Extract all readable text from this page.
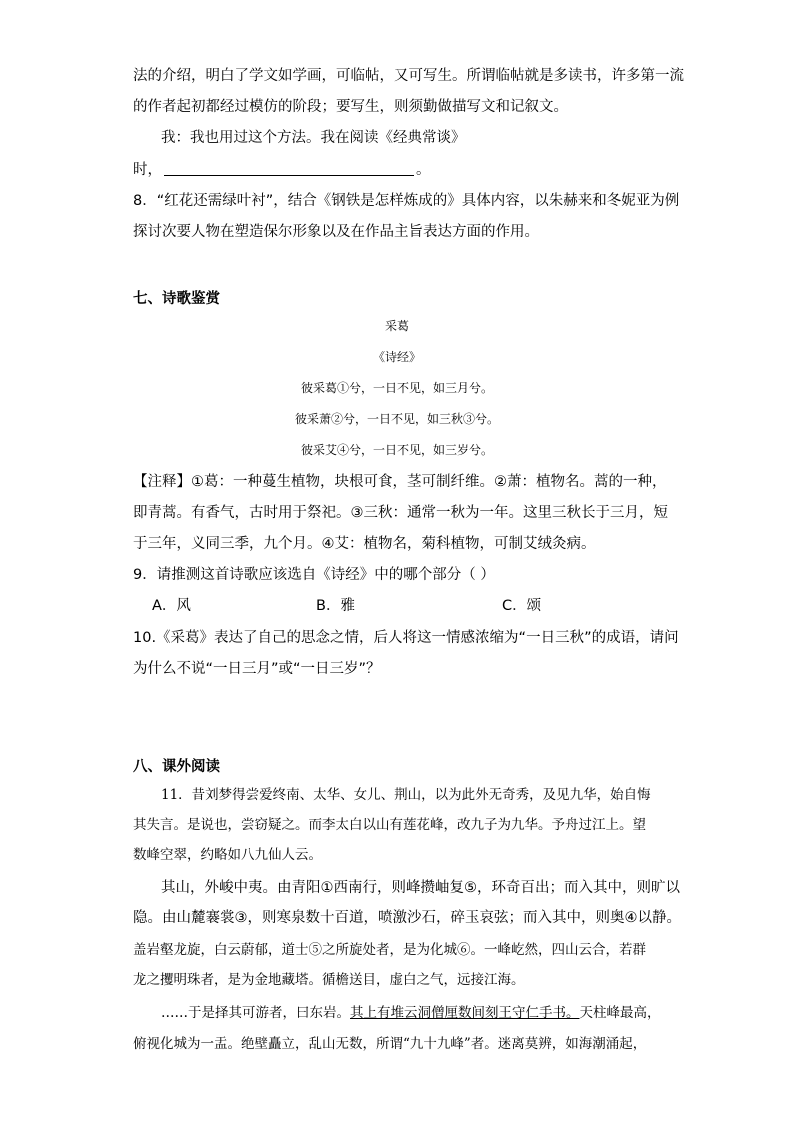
法的介绍，明白了学文如学画，可临帖，又可写生。所谓临帖就是多读书，许多第一流
的作者起初都经过模仿的阶段；要写生，则须勤做描写文和记叙文。
我：我也用过这个方法。我在阅读《经典常谈》
时，	。
8．“红花还需绿叶衬”，结合《钢铁是怎样炼成的》具体内容，以朱赫来和冬妮亚为例
探讨次要人物在塑造保尔形象以及在作品主旨表达方面的作用。
七、诗歌鉴赏
采葛
《诗经》
彼采葛①兮，一日不见，如三月兮。
彼采萧②兮，一日不见，如三秋③兮。
彼采艾④兮，一日不见，如三岁兮。
【注释】①葛：一种蔓生植物，块根可食，茎可制纤维。②萧：植物名。蒿的一种，
即青蒿。有香气，古时用于祭祀。③三秋：通常一秋为一年。这里三秋长于三月，短
于三年，义同三季，九个月。④艾：植物名，菊科植物，可制艾绒灸病。
9．请推测这首诗歌应该选自《诗经》中的哪个部分（ ）
A．风	B．雅	C．颂
10.《采葛》表达了自己的思念之情，后人将这一情感浓缩为“一日三秋”的成语，请问
为什么不说“一日三月”或“一日三岁”？
八、课外阅读
11．昔刘梦得尝爱终南、太华、女儿、荆山，以为此外无奇秀，及见九华，始自悔
其失言。是说也，尝窃疑之。而李太白以山有莲花峰，改九子为九华。予舟过江上。望
数峰空翠，约略如八九仙人云。
其山，外峻中夷。由青阳①西南行，则峰攒岫复⑤，环奇百出；而入其中，则旷以
隐。由山麓褰裳③，则寒泉数十百道，喷激沙石，碎玉哀弦；而入其中，则奥④以静。
盖岩壑龙旋，白云蔚郁，道士⑤之所旋处者，是为化城⑥。一峰屹然，四山云合，若群
龙之攫明珠者，是为金地藏塔。循檐送目，虚白之气，远接江海。
……于是择其可游者，曰东岩。其上有堆云洞僧厘数间刻王守仁手书。天柱峰最高，
俯视化城为一盂。绝壁矗立，乱山无数，所谓“九十九峰”者。迷离莫辨，如海潮涌起，
